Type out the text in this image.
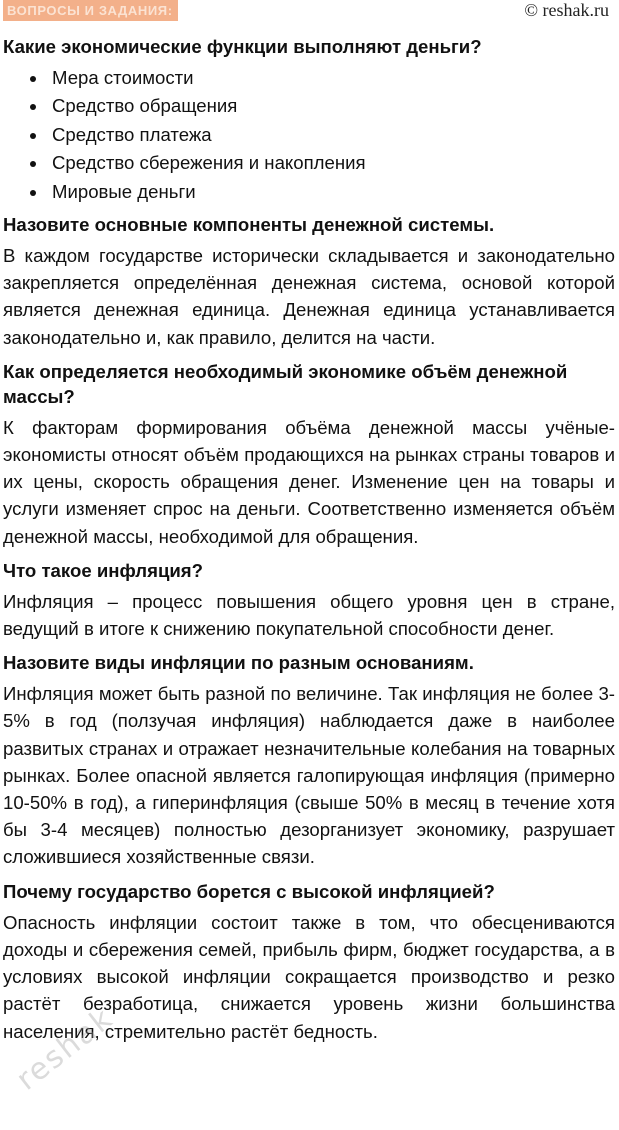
ВОПРОСЫ И ЗАДАНИЯ:	© reshak.ru
Какие экономические функции выполняют деньги?
Мера стоимости
Средство обращения
Средство платежа
Средство сбережения и накопления
Мировые деньги
Назовите основные компоненты денежной системы.

В каждом государстве исторически складывается и законодательно закрепляется определённая денежная система, основой которой является денежная единица. Денежная единица устанавливается законодательно и, как правило, делится на части.

Как определяется необходимый экономике объём денежной массы?

К факторам формирования объёма денежной массы учёные-экономисты относят объём продающихся на рынках страны товаров и их цены, скорость обращения денег. Изменение цен на товары и услуги изменяет спрос на деньги. Соответственно изменяется объём денежной массы, необходимой для обращения.

Что такое инфляция?

Инфляция – процесс повышения общего уровня цен в стране, ведущий в итоге к снижению покупательной способности денег.

Назовите виды инфляции по разным основаниям.

Инфляция может быть разной по величине. Так инфляция не более 3-5% в год (ползучая инфляция) наблюдается даже в наиболее развитых странах и отражает незначительные колебания на товарных рынках. Более опасной является галопирующая инфляция (примерно 10-50% в год), а гиперинфляция (свыше 50% в месяц в течение хотя бы 3-4 месяцев) полностью дезорганизует экономику, разрушает сложившиеся хозяйственные связи.

Почему государство борется с высокой инфляцией?

Опасность инфляции состоит также в том, что обесцениваются доходы и сбережения семей, прибыль фирм, бюджет государства, а в условиях высокой инфляции сокращается производство и резко растёт безработица, снижается уровень жизни большинства населения, стремительно растёт бедность.

reshak
